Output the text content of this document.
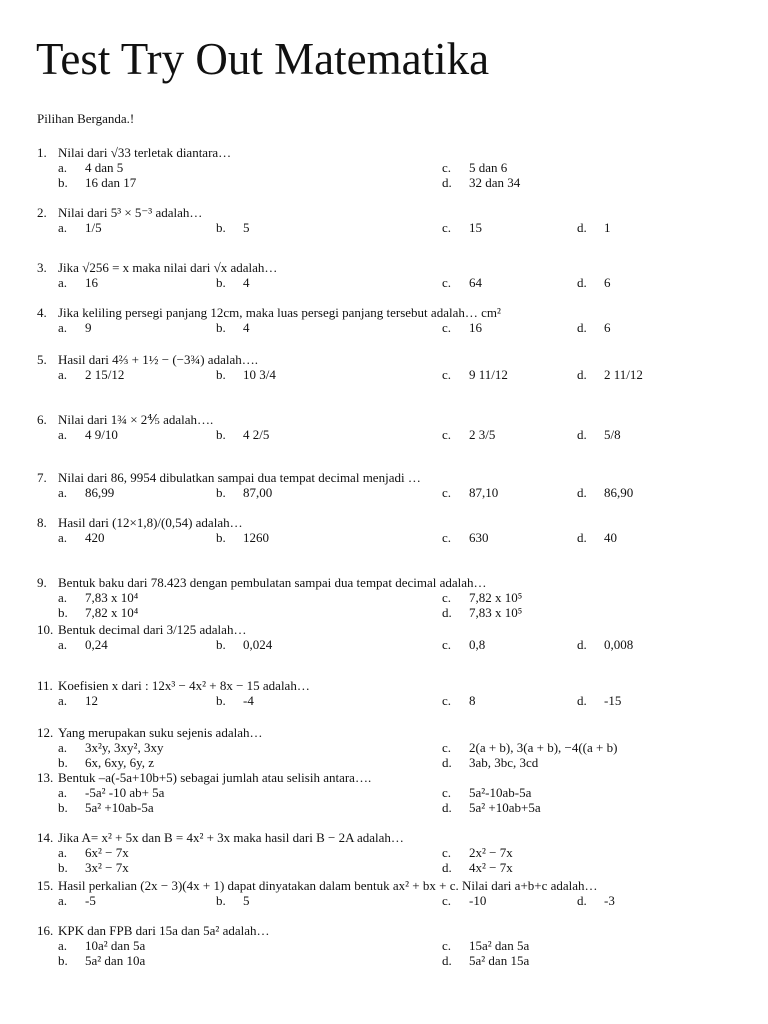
Test Try Out Matematika
Pilihan Berganda.!
1. Nilai dari √33 terletak diantara…
a. 4 dan 5	c. 5 dan 6
b. 16 dan 17	d. 32 dan 34
2. Nilai dari 5³ × 5⁻³ adalah…
a. 1/5	b. 5	c. 15	d. 1
3. Jika √256 = x maka nilai dari √x adalah…
a. 16	b. 4	c. 64	d. 6
4. Jika keliling persegi panjang 12cm, maka luas persegi panjang tersebut adalah… cm²
a. 9	b. 4	c. 16	d. 6
5. Hasil dari 4⅔ + 1½ − (−3¾) adalah….
a. 2 15/12	b. 10 3/4	c. 9 11/12	d. 2 11/12
6. Nilai dari 1¾ × 2⅘ adalah….
a. 4 9/10	b. 4 2/5	c. 2 3/5	d. 5/8
7. Nilai dari 86, 9954 dibulatkan sampai dua tempat decimal menjadi …
a. 86,99	b. 87,00	c. 87,10	d. 86,90
8. Hasil dari (12×1,8)/(0,54) adalah…
a. 420	b. 1260	c. 630	d. 40
9. Bentuk baku dari 78.423 dengan pembulatan sampai dua tempat decimal adalah…
a. 7,83 x 10⁴	c. 7,82 x 10⁵
b. 7,82 x 10⁴	d. 7,83 x 10⁵
10. Bentuk decimal dari 3/125 adalah…
a. 0,24	b. 0,024	c. 0,8	d. 0,008
11. Koefisien x dari : 12x³ − 4x² + 8x − 15 adalah…
a. 12	b. -4	c. 8	d. -15
12. Yang merupakan suku sejenis adalah…
a. 3x²y, 3xy², 3xy	c. 2(a + b), 3(a + b), −4((a + b)
b. 6x, 6xy, 6y, z	d. 3ab, 3bc, 3cd
13. Bentuk –a(-5a+10b+5) sebagai jumlah atau selisih antara….
a. -5a² -10 ab+ 5a	c. 5a²-10ab-5a
b. 5a² +10ab-5a	d. 5a² +10ab+5a
14. Jika A= x² + 5x dan B = 4x² + 3x maka hasil dari B − 2A adalah…
a. 6x² − 7x	c. 2x² − 7x
b. 3x² − 7x	d. 4x² − 7x
15. Hasil perkalian (2x − 3)(4x + 1) dapat dinyatakan dalam bentuk ax² + bx + c. Nilai dari a+b+c adalah…
a. -5	b. 5	c. -10	d. -3
16. KPK dan FPB dari 15a dan 5a² adalah…
a. 10a² dan 5a	c. 15a² dan 5a
b. 5a² dan 10a	d. 5a² dan 15a
